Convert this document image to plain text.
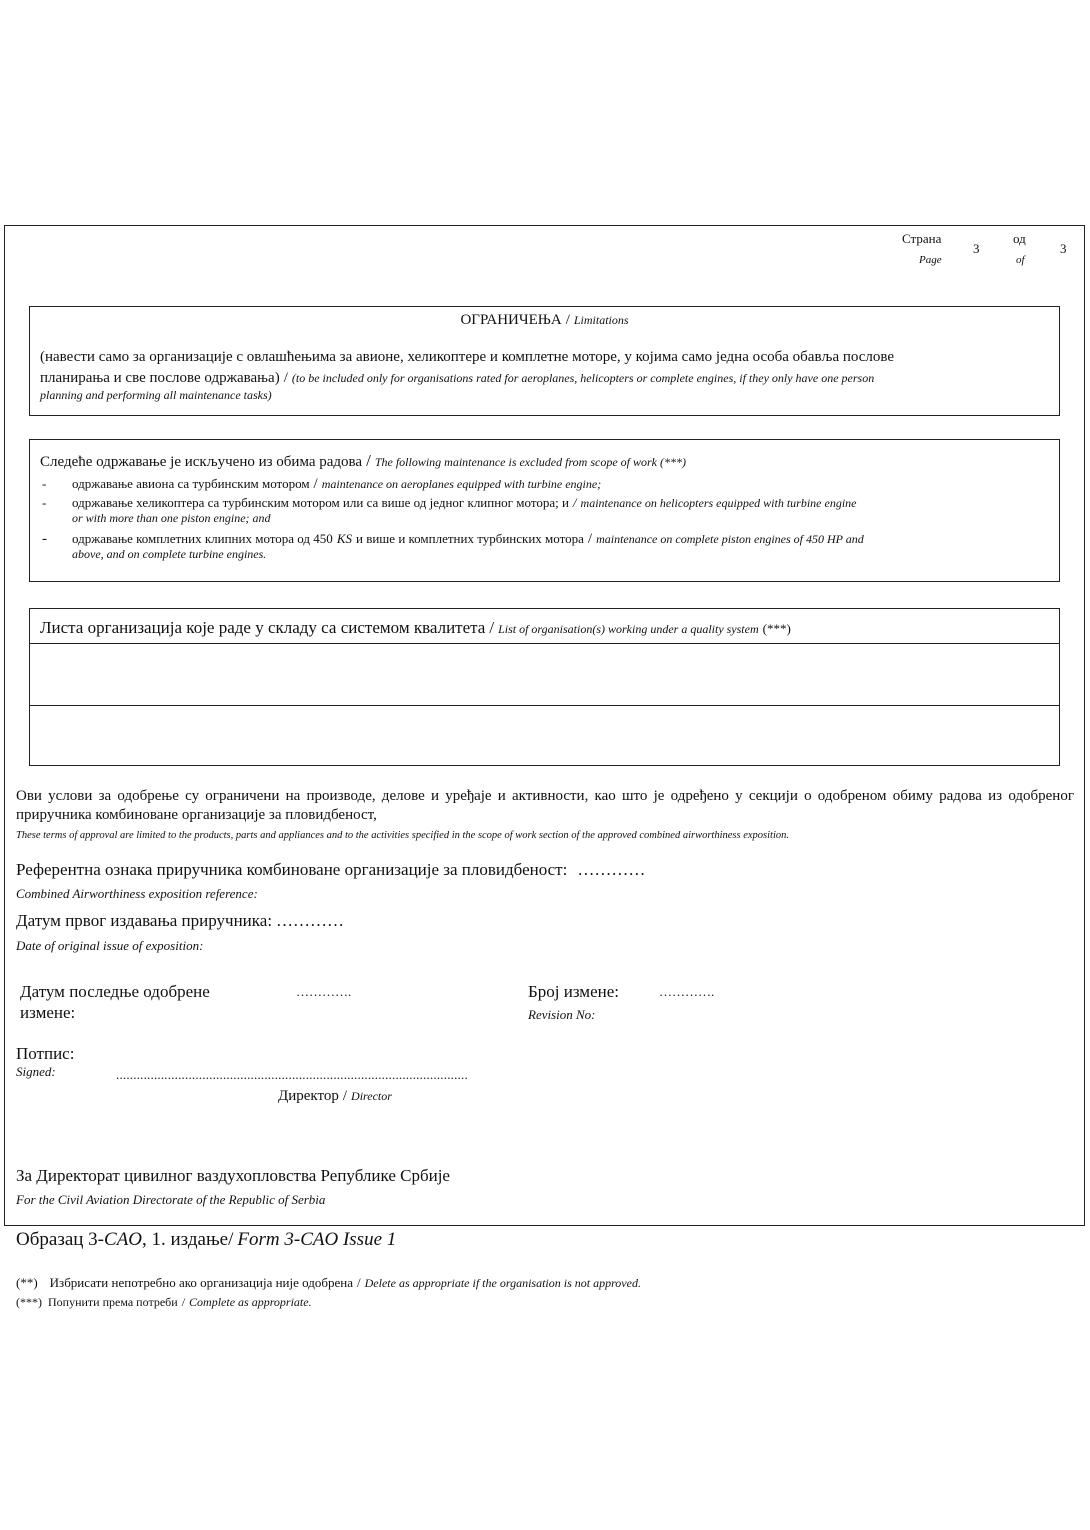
Страна
Page
3
од
of
3
ОГРАНИЧЕЊА / Limitations
(навести само за организације с овлашћењима за авионе, хеликоптере и комплетне моторе, у којима само једна особа обавља послове
планирања и све послове одржавања) / (to be included only for organisations rated for aeroplanes, helicopters or complete engines, if they only have one person
planning and performing all maintenance tasks)
Следеће одржавање је искључено из обима радова / The following maintenance is excluded from scope of work (***)
- одржавање авиона са турбинским мотором / maintenance on aeroplanes equipped with turbine engine;
- одржавање хеликоптера са турбинским мотором или са више од једног клипног мотора; и / maintenance on helicopters equipped with turbine engine
or with more than one piston engine; and
- одржавање комплетних клипних мотора од 450 KS и више и комплетних турбинских мотора / maintenance on complete piston engines of 450 HP and
above, and on complete turbine engines.
Листа организација које раде у складу са системом квалитета / List of organisation(s) working under a quality system (***)
Ови услови за одобрење су ограничени на производе, делове и уређаје и активности, као што је одређено у секцији о одобреном обиму радова из одобреног приручника комбиноване организације за пловидбеност,
These terms of approval are limited to the products, parts and appliances and to the activities specified in the scope of work section of the approved combined airworthiness exposition.
Референтна ознака приручника комбиноване организације за пловидбеност: …………
Combined Airworthiness exposition reference:
Датум првог издавања приручника: …………
Date of original issue of exposition:
Датум последње одобрене
измене:
………….	Број измене:
Revision No:
………….
Потпис:
Signed:	......................................................................................................
Директор / Director
За Директорат цивилног ваздухопловства Републике Србије
For the Civil Aviation Directorate of the Republic of Serbia
Образац 3-CAO, 1. издање/ Form 3-CAO Issue 1
(**) Избрисати непотребно ако организација није одобрена / Delete as appropriate if the organisation is not approved.
(***) Попунити према потреби / Complete as appropriate.
